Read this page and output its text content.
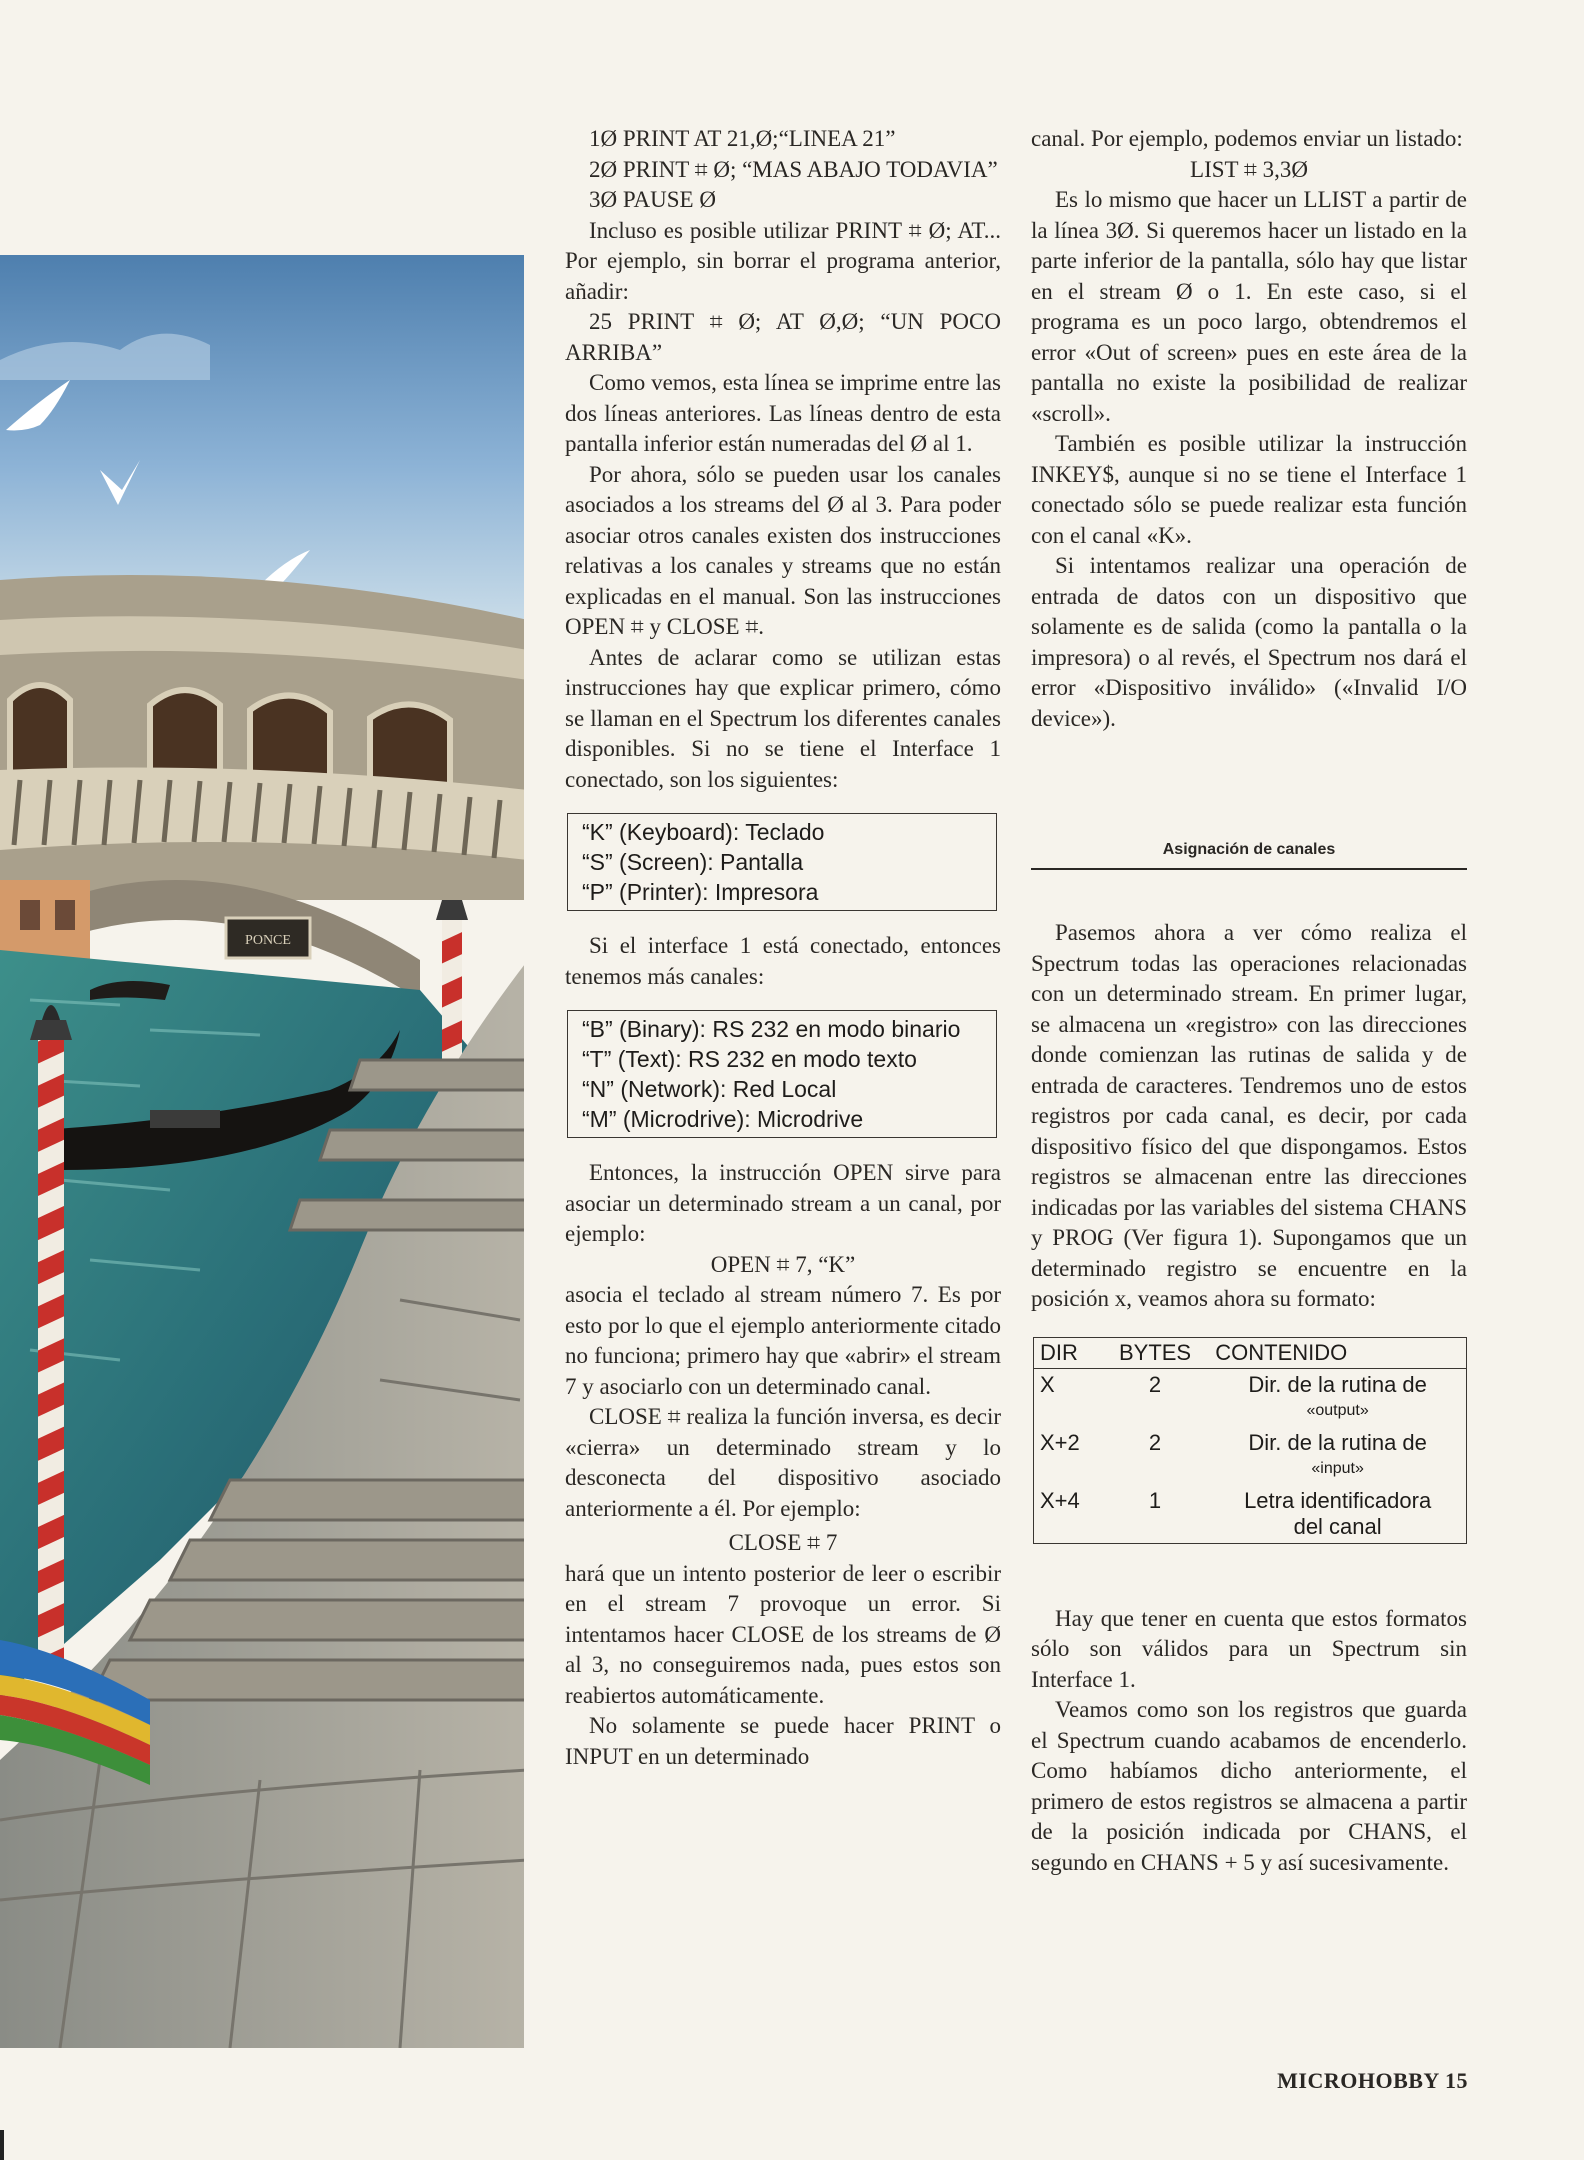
PONCE

1Ø PRINT AT 21,Ø;“LINEA 21”

2Ø PRINT ⌗ Ø; “MAS ABAJO TODAVIA”

3Ø PAUSE Ø

Incluso es posible utilizar PRINT ⌗ Ø; AT... Por ejemplo, sin borrar el programa anterior, añadir:

25 PRINT ⌗ Ø; AT Ø,Ø; “UN POCO ARRIBA”

Como vemos, esta línea se imprime entre las dos líneas anteriores. Las líneas dentro de esta pantalla inferior están numeradas del Ø al 1.

Por ahora, sólo se pueden usar los canales asociados a los streams del Ø al 3. Para poder asociar otros canales existen dos instrucciones relativas a los canales y streams que no están explicadas en el manual. Son las instrucciones OPEN ⌗ y CLOSE ⌗.

Antes de aclarar como se utilizan estas instrucciones hay que explicar primero, cómo se llaman en el Spectrum los diferentes canales disponibles. Si no se tiene el Interface 1 conectado, son los siguientes:

“K” (Keyboard): Teclado
“S” (Screen): Pantalla
“P” (Printer): Impresora

Si el interface 1 está conectado, entonces tenemos más canales:

“B” (Binary): RS 232 en modo binario
“T” (Text): RS 232 en modo texto
“N” (Network): Red Local
“M” (Microdrive): Microdrive

Entonces, la instrucción OPEN sirve para asociar un determinado stream a un canal, por ejemplo:

OPEN ⌗ 7, “K”

asocia el teclado al stream número 7. Es por esto por lo que el ejemplo anteriormente citado no funciona; primero hay que «abrir» el stream 7 y asociarlo con un determinado canal.

CLOSE ⌗ realiza la función inversa, es decir «cierra» un determinado stream y lo desconecta del dispositivo asociado anteriormente a él. Por ejemplo:

CLOSE ⌗ 7

hará que un intento posterior de leer o escribir en el stream 7 provoque un error. Si intentamos hacer CLOSE de los streams de Ø al 3, no conseguiremos nada, pues estos son reabiertos automáticamente.

No solamente se puede hacer PRINT o INPUT en un determinado

canal. Por ejemplo, podemos enviar un listado:

LIST ⌗ 3,3Ø

Es lo mismo que hacer un LLIST a partir de la línea 3Ø. Si queremos hacer un listado en la parte inferior de la pantalla, sólo hay que listar en el stream Ø o 1. En este caso, si el programa es un poco largo, obtendremos el error «Out of screen» pues en este área de la pantalla no existe la posibilidad de realizar «scroll».

También es posible utilizar la instrucción INKEY$, aunque si no se tiene el Interface 1 conectado sólo se puede realizar esta función con el canal «K».

Si intentamos realizar una operación de entrada de datos con un dispositivo que solamente es de salida (como la pantalla o la impresora) o al revés, el Spectrum nos dará el error «Dispositivo inválido» («Invalid I/O device»).

Asignación de canales

Pasemos ahora a ver cómo realiza el Spectrum todas las operaciones relacionadas con un determinado stream. En primer lugar, se almacena un «registro» con las direcciones donde comienzan las rutinas de salida y de entrada de caracteres. Tendremos uno de estos registros por cada canal, es decir, por cada dispositivo físico del que dispongamos. Estos registros se almacenan entre las direcciones indicadas por las variables del sistema CHANS y PROG (Ver figura 1). Supongamos que un determinado registro se encuentre en la posición x, veamos ahora su formato:

DIR	BYTES	CONTENIDO
X	2	Dir. de la rutina de
«output»

X+2	2	Dir. de la rutina de
«input»

X+4	1	Letra identificadora
del canal

Hay que tener en cuenta que estos formatos sólo son válidos para un Spectrum sin Interface 1.

Veamos como son los registros que guarda el Spectrum cuando acabamos de encenderlo. Como habíamos dicho anteriormente, el primero de estos registros se almacena a partir de la posición indicada por CHANS, el segundo en CHANS + 5 y así sucesivamente.

MICROHOBBY 15
